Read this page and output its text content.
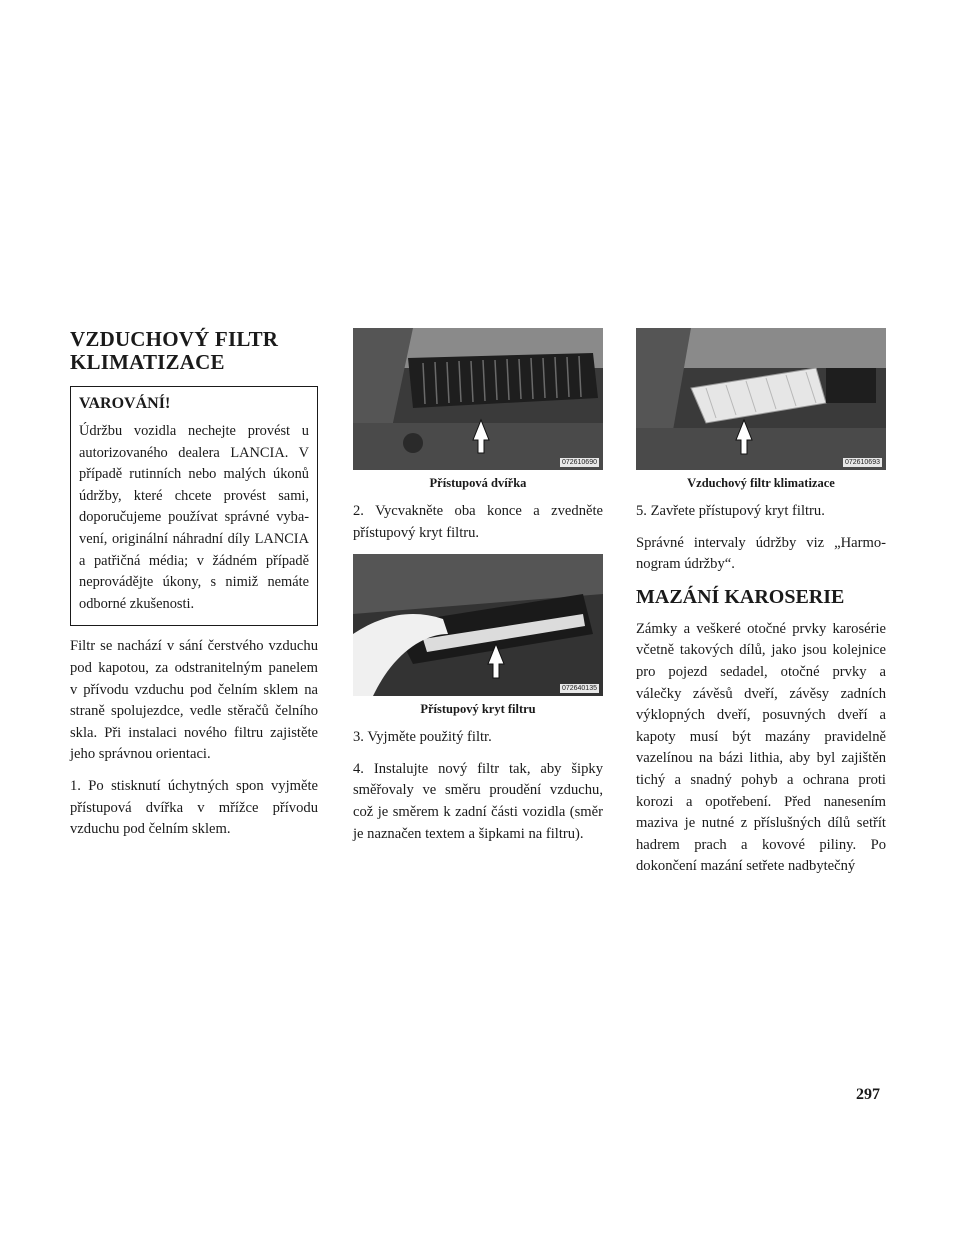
VZDUCHOVÝ FILTR
KLIMATIZACE
VAROVÁNÍ!

Údržbu vozidla nechejte provést u autorizovaného dealera LANCIA. V případě rutinních nebo malých úkonů údržby, které chcete provést sami, doporučujeme používat správné vybavení, originální náhradní díly LANCIA a patřičná média; v žádném případě neprovádějte úkony, s nimiž nemáte odborné zkušenosti.

Filtr se nachází v sání čerstvého vzduchu pod kapotou, za odstranitelným panelem v přívodu vzduchu pod čelním sklem na straně spolujezdce, vedle stěračů čelního skla. Při instalaci nového filtru zajistěte jeho správnou orientaci.

1. Po stisknutí úchytných spon vyjměte přístupová dvířka v mřížce přívodu vzduchu pod čelním sklem.

072610690
Přístupová dvířka

2. Vycvakněte oba konce a zvedněte přístupový kryt filtru.

072640135
Přístupový kryt filtru

3. Vyjměte použitý filtr.

4. Instalujte nový filtr tak, aby šipky směřovaly ve směru proudění vzduchu, což je směrem k zadní části vozidla (směr je naznačen textem a šipkami na filtru).

072610693
Vzduchový filtr klimatizace

5. Zavřete přístupový kryt filtru.

Správné intervaly údržby viz „Harmonogram údržby“.

MAZÁNÍ KAROSERIE

Zámky a veškeré otočné prvky karosérie včetně takových dílů, jako jsou kolejnice pro pojezd sedadel, otočné prvky a válečky závěsů dveří, závěsy zadních výklopných dveří, posuvných dveří a kapoty musí být mazány pravidelně vazelínou na bázi lithia, aby byl zajištěn tichý a snadný pohyb a ochrana proti korozi a opotřebení. Před nanesením maziva je nutné z příslušných dílů setřít hadrem prach a kovové piliny. Po dokončení mazání setřete nadbytečný

297
